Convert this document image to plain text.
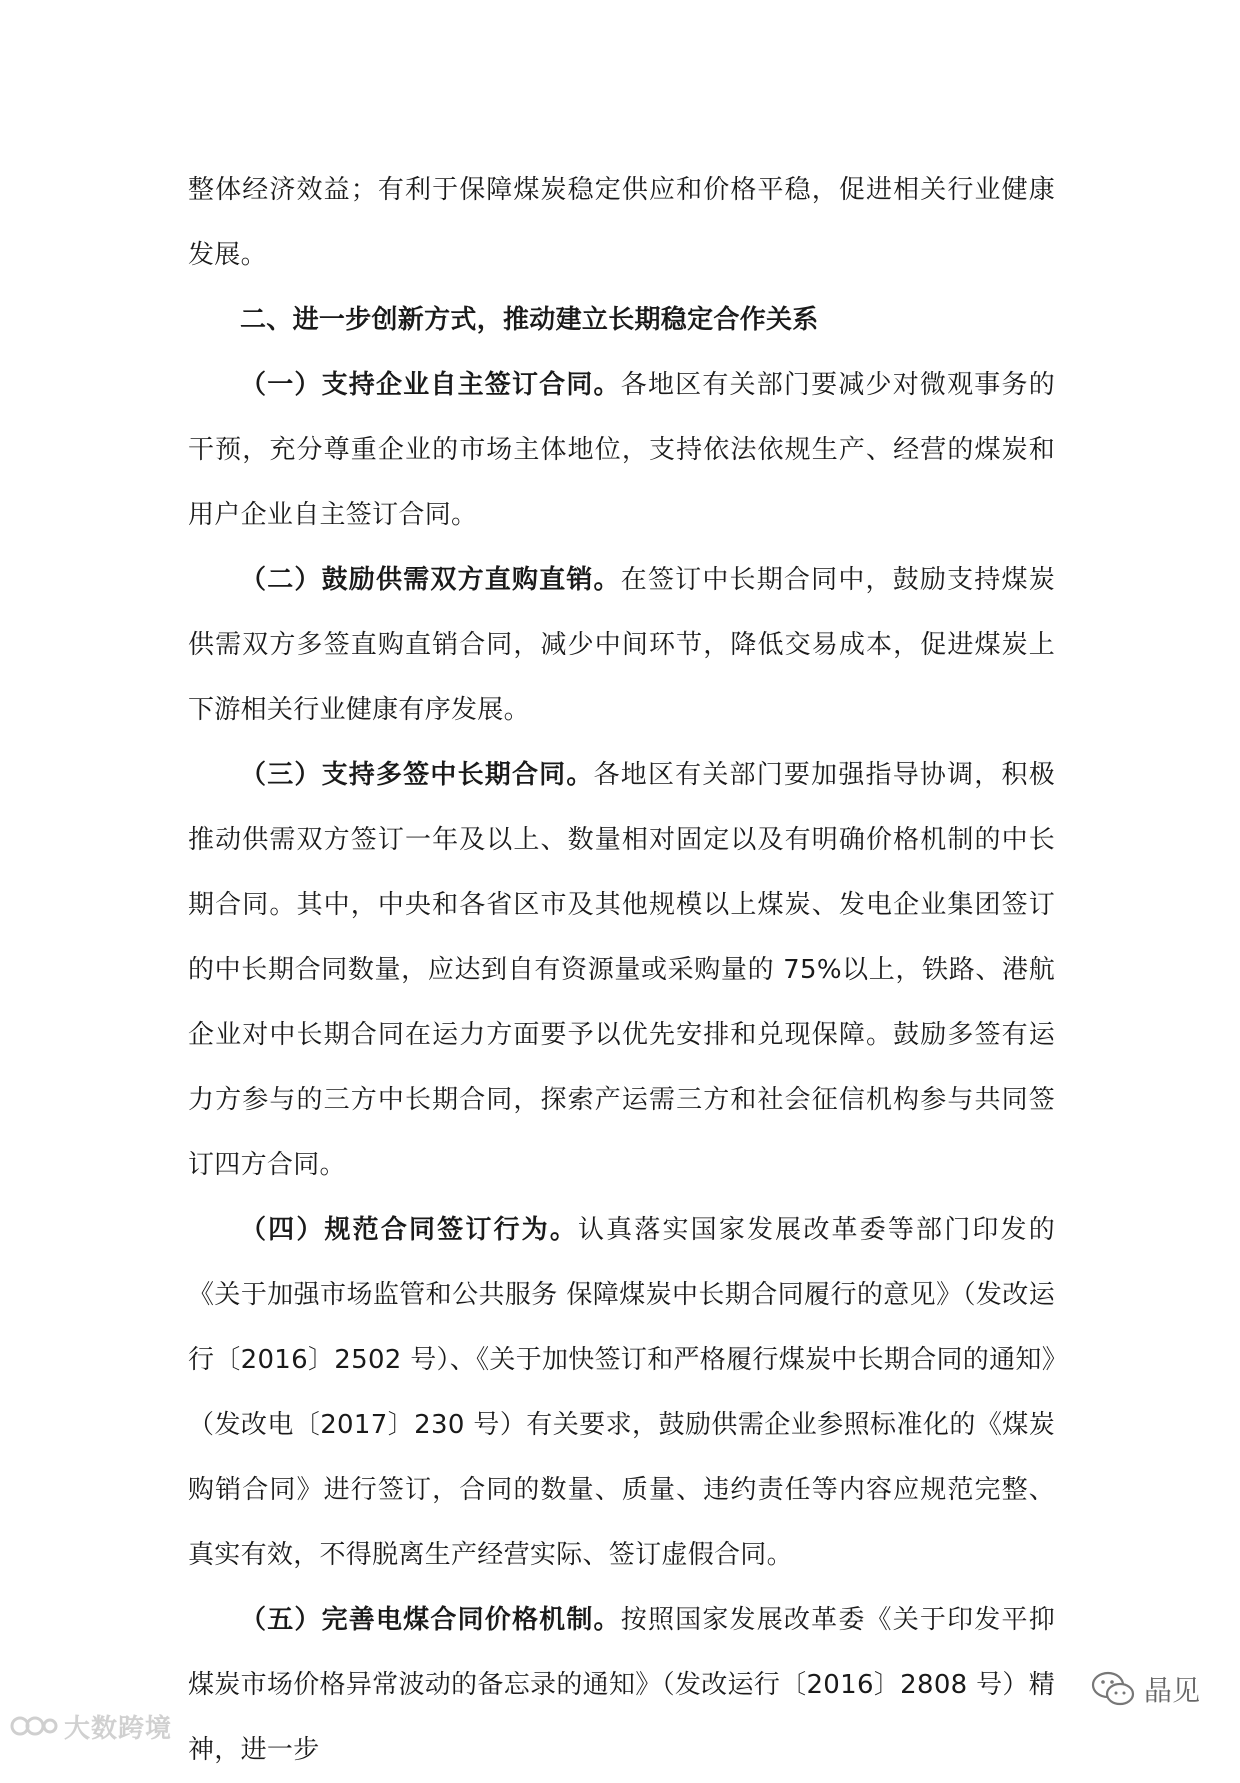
整体经济效益；有利于保障煤炭稳定供应和价格平稳，促进相关行业健康发展。

二、进一步创新方式，推动建立长期稳定合作关系

（一）支持企业自主签订合同。各地区有关部门要减少对微观事务的干预，充分尊重企业的市场主体地位，支持依法依规生产、经营的煤炭和用户企业自主签订合同。

（二）鼓励供需双方直购直销。在签订中长期合同中，鼓励支持煤炭供需双方多签直购直销合同，减少中间环节，降低交易成本，促进煤炭上下游相关行业健康有序发展。

（三）支持多签中长期合同。各地区有关部门要加强指导协调，积极推动供需双方签订一年及以上、数量相对固定以及有明确价格机制的中长期合同。其中，中央和各省区市及其他规模以上煤炭、发电企业集团签订的中长期合同数量，应达到自有资源量或采购量的 75%以上，铁路、港航企业对中长期合同在运力方面要予以优先安排和兑现保障。鼓励多签有运力方参与的三方中长期合同，探索产运需三方和社会征信机构参与共同签订四方合同。

（四）规范合同签订行为。认真落实国家发展改革委等部门印发的《关于加强市场监管和公共服务 保障煤炭中长期合同履行的意见》（发改运行〔2016〕2502 号）、《关于加快签订和严格履行煤炭中长期合同的通知》（发改电〔2017〕230 号）有关要求，鼓励供需企业参照标准化的《煤炭购销合同》进行签订，合同的数量、质量、违约责任等内容应规范完整、真实有效，不得脱离生产经营实际、签订虚假合同。

（五）完善电煤合同价格机制。按照国家发展改革委《关于印发平抑煤炭市场价格异常波动的备忘录的通知》（发改运行〔2016〕2808 号）精神，进一步

大数跨境
晶见
